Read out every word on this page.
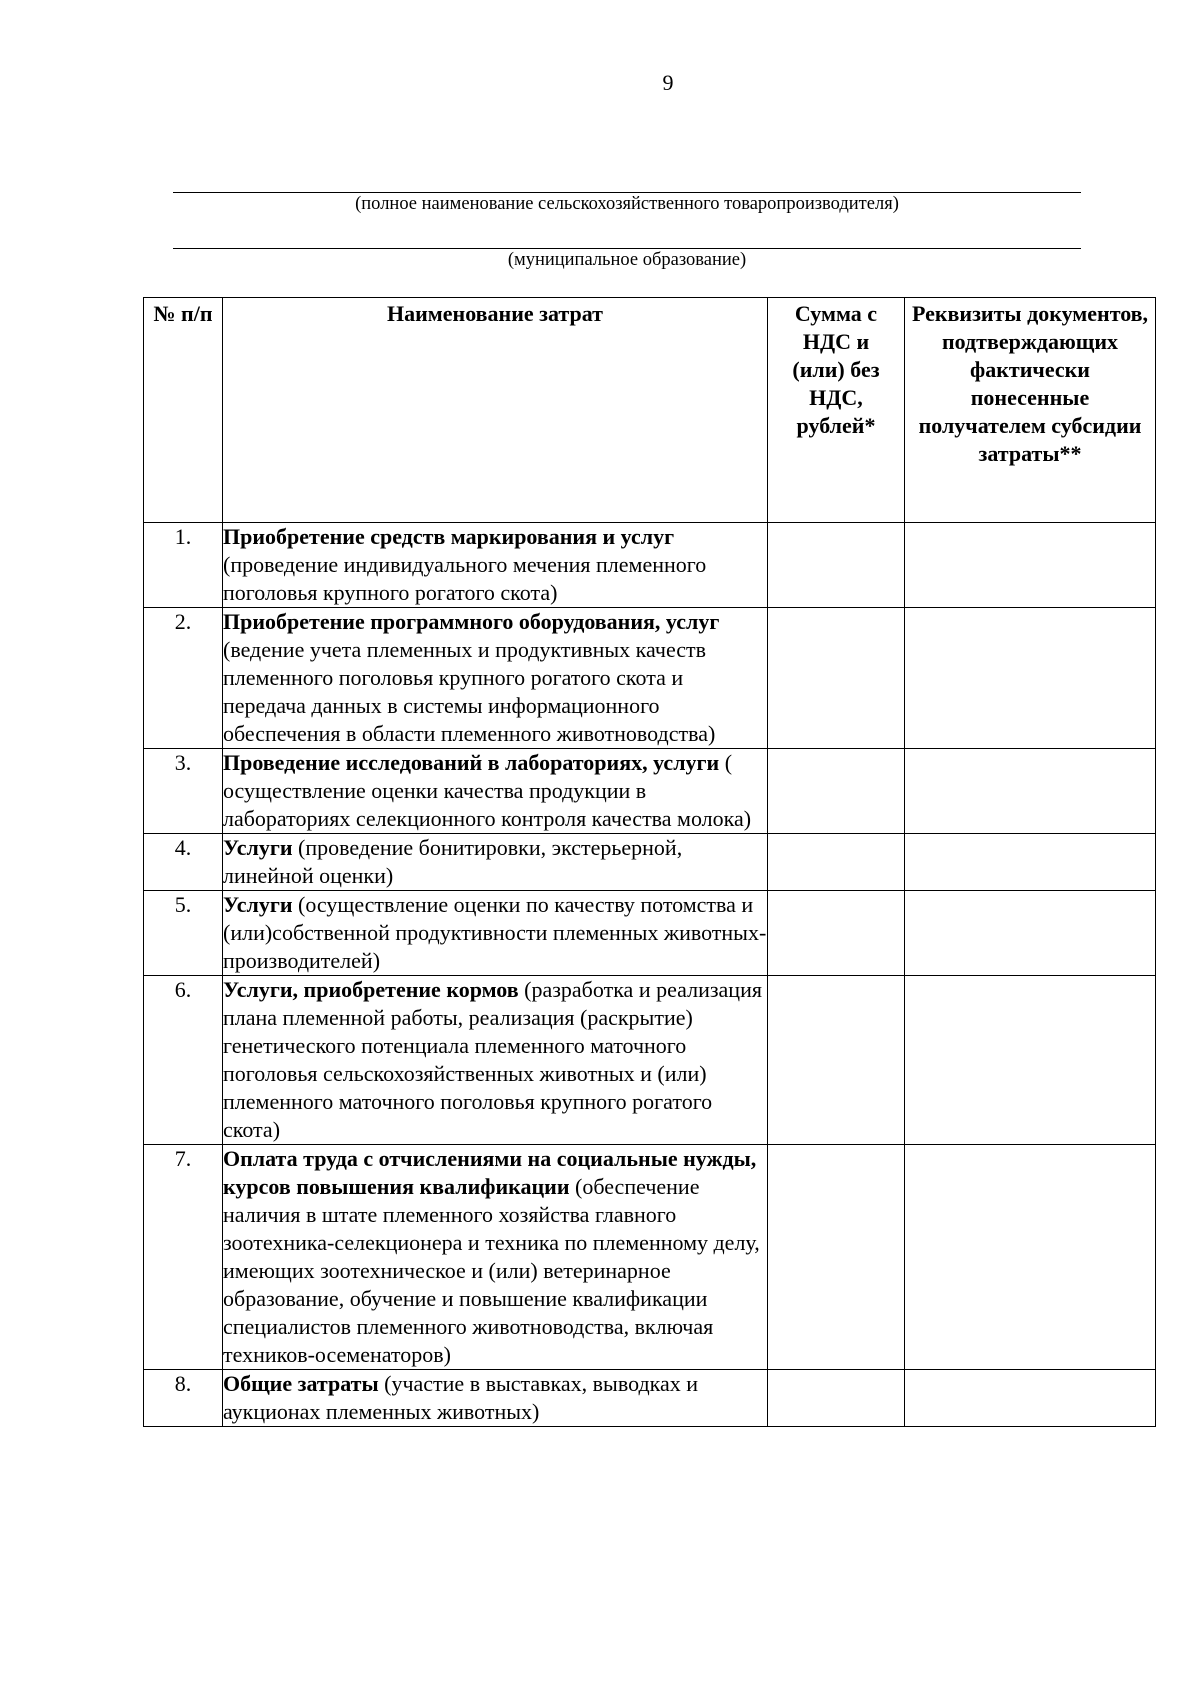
9
(полное наименование сельскохозяйственного товаропроизводителя)
(муниципальное образование)
№ п/п	Наименование затрат	Сумма с НДС и (или) без НДС, рублей*	Реквизиты документов, подтверждающих фактически понесенные получателем субсидии затраты**
1.	Приобретение средств маркирования и услуг (проведение индивидуального мечения племенного поголовья крупного рогатого скота)		
2.	Приобретение программного оборудования, услуг (ведение учета племенных и продуктивных качеств племенного поголовья крупного рогатого скота и передача данных в системы информационного обеспечения в области племенного животноводства)		
3.	Проведение исследований в лабораториях, услуги ( осуществление оценки качества продукции в лабораториях селекционного контроля качества молока)		
4.	Услуги (проведение бонитировки, экстерьерной, линейной оценки)		
5.	Услуги (осуществление оценки по качеству потомства и (или)собственной продуктивности племенных животных-производителей)		
6.	Услуги, приобретение кормов (разработка и реализация плана племенной работы, реализация (раскрытие) генетического потенциала племенного маточного поголовья сельскохозяйственных животных и (или) племенного маточного поголовья крупного рогатого скота)		
7.	Оплата труда с отчислениями на социальные нужды, курсов повышения квалификации (обеспечение наличия в штате племенного хозяйства главного зоотехника-селекционера и техника по племенному делу, имеющих зоотехническое и (или) ветеринарное образование, обучение и повышение квалификации специалистов племенного животноводства, включая техников-осеменаторов)		
8.	Общие затраты (участие в выставках, выводках и аукционах племенных животных)		
